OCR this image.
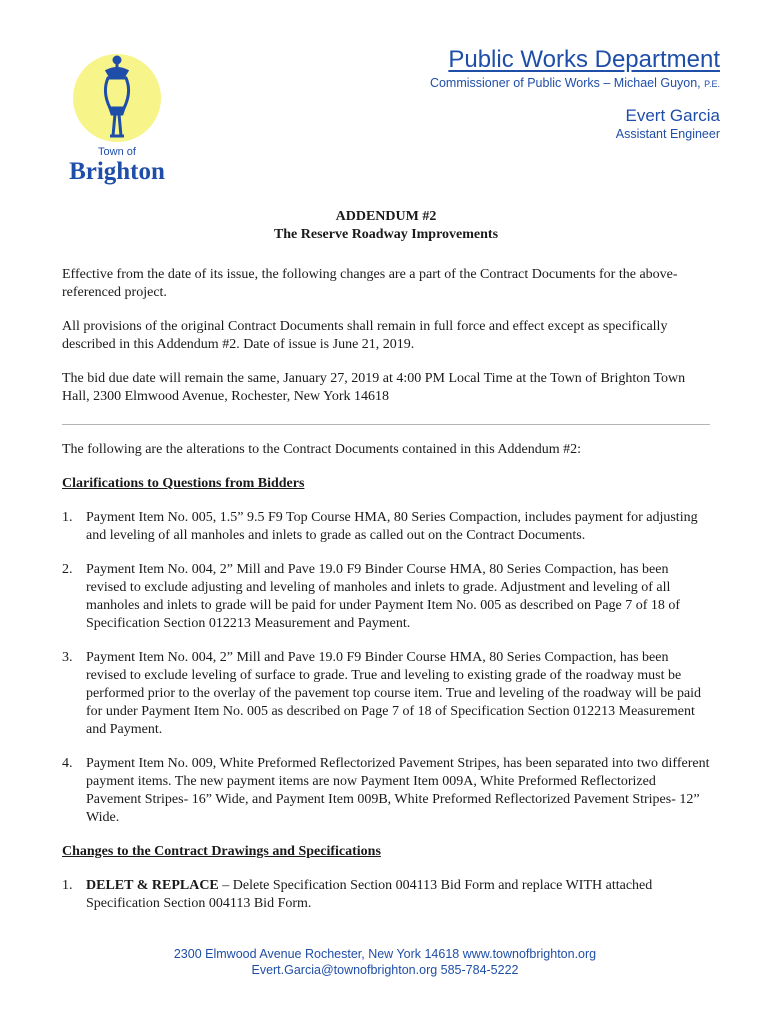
Town of
Brighton
Public Works Department
Commissioner of Public Works – Michael Guyon, P.E.
Evert Garcia
Assistant Engineer
ADDENDUM #2
The Reserve Roadway Improvements

Effective from the date of its issue, the following changes are a part of the Contract Documents for the above-referenced project.

All provisions of the original Contract Documents shall remain in full force and effect except as specifically described in this Addendum #2. Date of issue is June 21, 2019.

The bid due date will remain the same, January 27, 2019 at 4:00 PM Local Time at the Town of Brighton Town Hall, 2300 Elmwood Avenue, Rochester, New York 14618

The following are the alterations to the Contract Documents contained in this Addendum #2:

Clarifications to Questions from Bidders
1. Payment Item No. 005, 1.5” 9.5 F9 Top Course HMA, 80 Series Compaction, includes payment for adjusting and leveling of all manholes and inlets to grade as called out on the Contract Documents.
2. Payment Item No. 004, 2” Mill and Pave 19.0 F9 Binder Course HMA, 80 Series Compaction, has been revised to exclude adjusting and leveling of manholes and inlets to grade. Adjustment and leveling of all manholes and inlets to grade will be paid for under Payment Item No. 005 as described on Page 7 of 18 of Specification Section 012213 Measurement and Payment.
3. Payment Item No. 004, 2” Mill and Pave 19.0 F9 Binder Course HMA, 80 Series Compaction, has been revised to exclude leveling of surface to grade. True and leveling to existing grade of the roadway must be performed prior to the overlay of the pavement top course item. True and leveling of the roadway will be paid for under Payment Item No. 005 as described on Page 7 of 18 of Specification Section 012213 Measurement and Payment.
4. Payment Item No. 009, White Preformed Reflectorized Pavement Stripes, has been separated into two different payment items. The new payment items are now Payment Item 009A, White Preformed Reflectorized Pavement Stripes- 16” Wide, and Payment Item 009B, White Preformed Reflectorized Pavement Stripes- 12” Wide.
Changes to the Contract Drawings and Specifications
1. DELET & REPLACE – Delete Specification Section 004113 Bid Form and replace WITH attached Specification Section 004113 Bid Form.
2300 Elmwood Avenue Rochester, New York 14618 www.townofbrighton.org
Evert.Garcia@townofbrighton.org 585-784-5222
